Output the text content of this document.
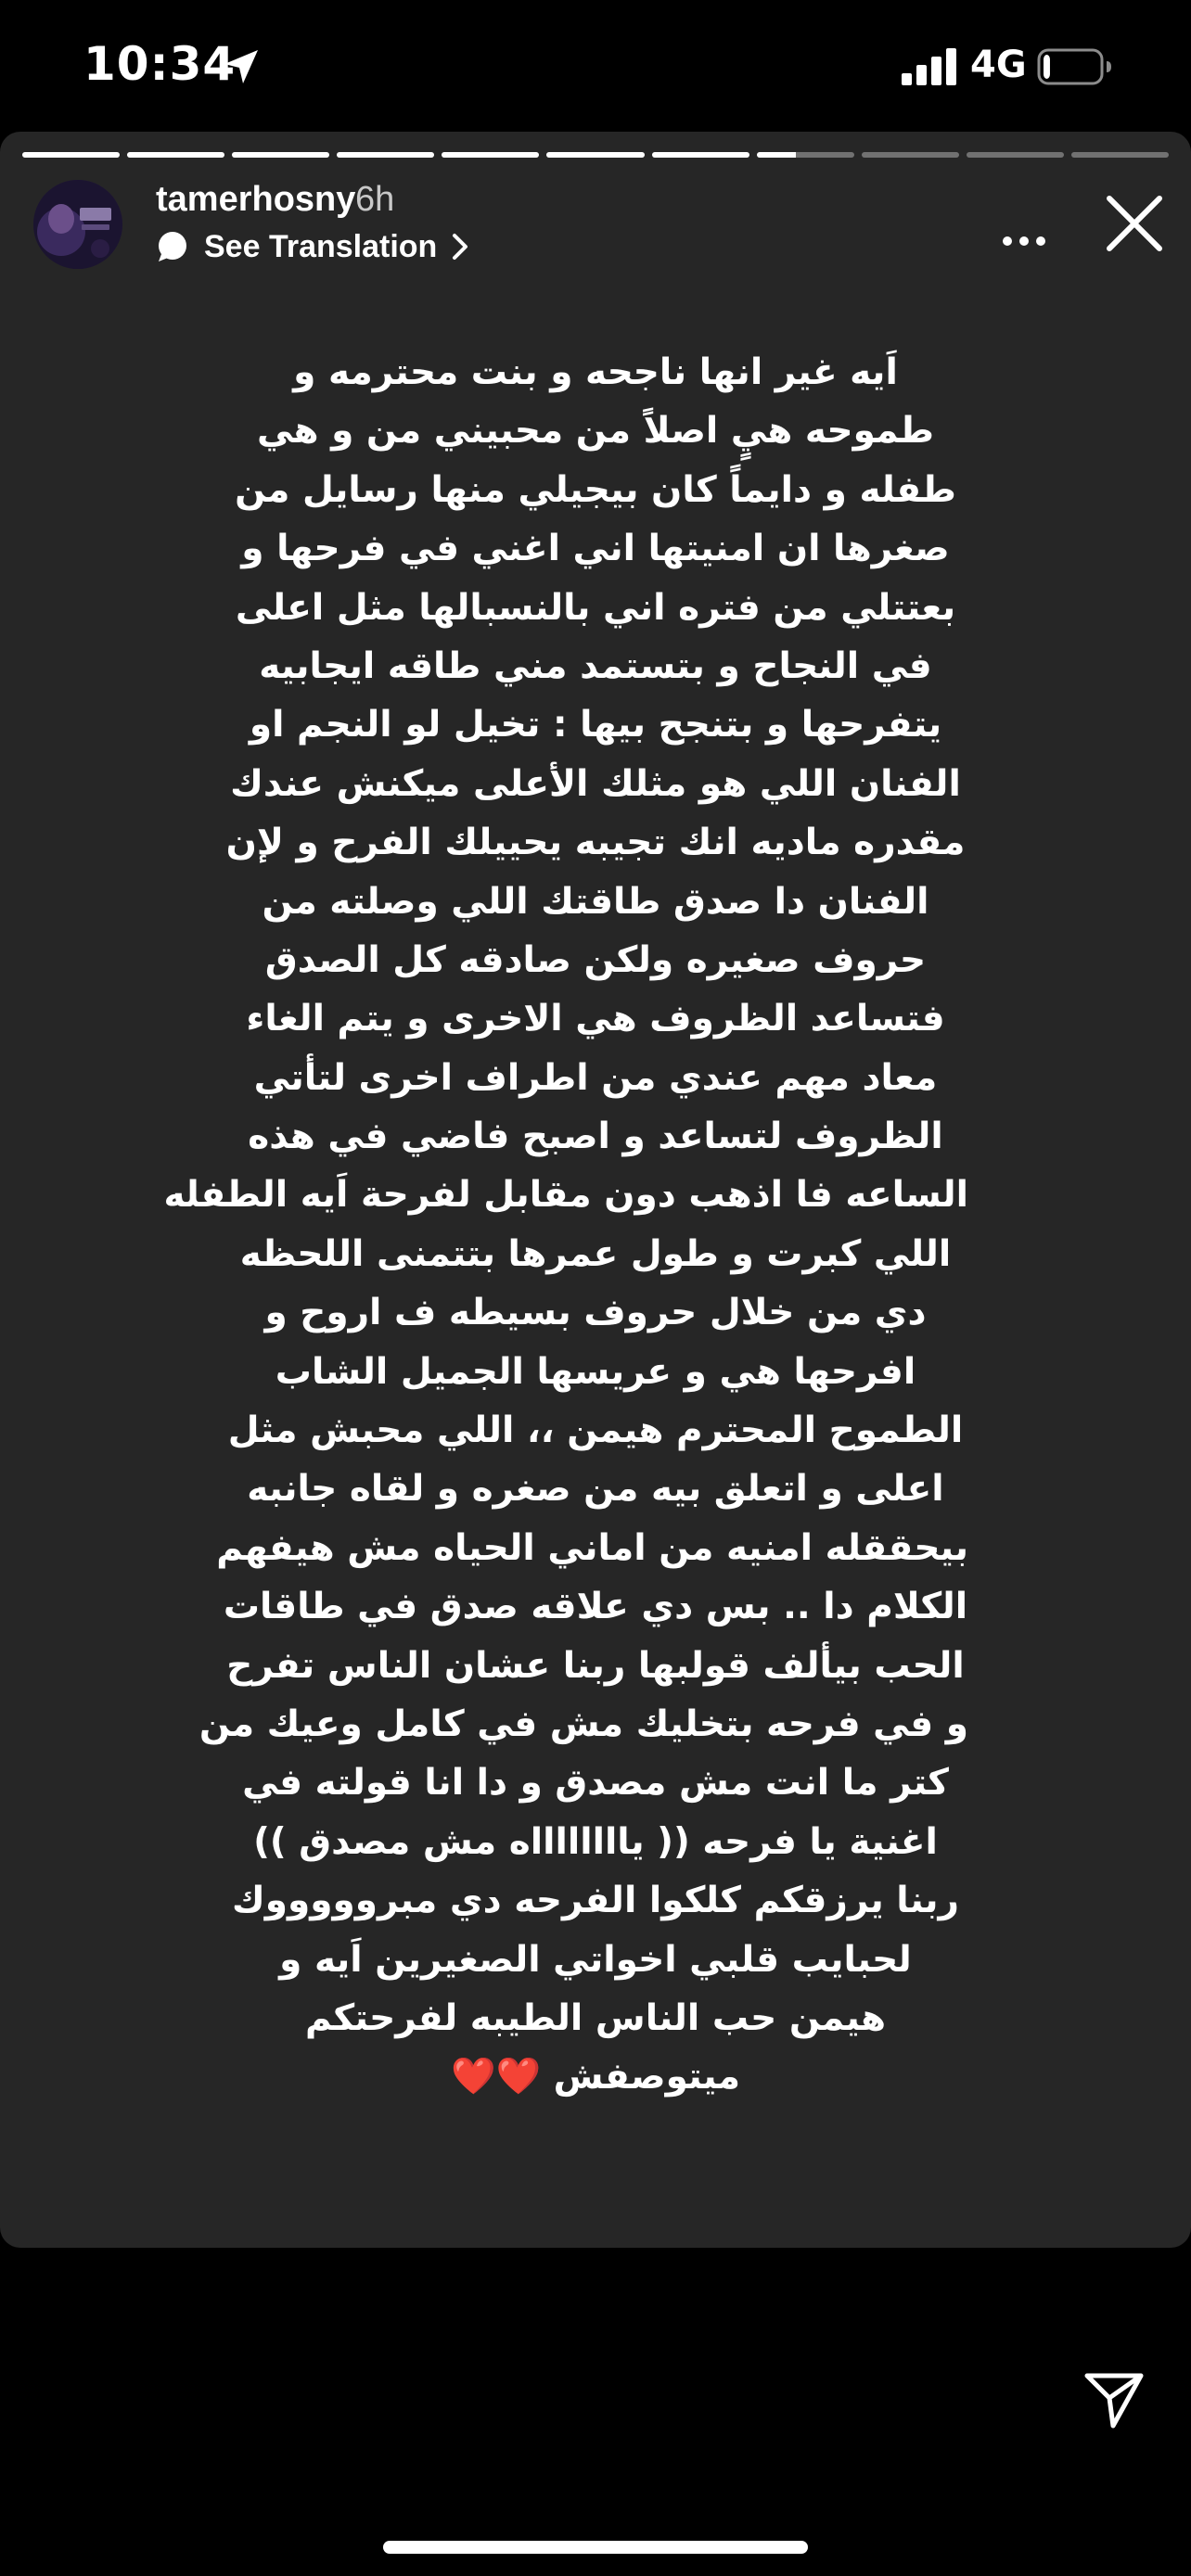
10:34	4G
tamerhosny 6h
See Translation
اَيه غير انها ناجحه و بنت محترمه و
طموحه هيٍ اصلاً من محبيني من و هي
طفله و دايماً كان بيجيلي منها رسايل من
صغرها ان امنيتها اني اغني في فرحها و
بعتتلي من فتره اني بالنسبالها مثل اعلى
في النجاح و بتستمد مني طاقه ايجابيه
يتفرحها و بتنجح بيها : تخيل لو النجم او
الفنان اللي هو مثلك الأعلى ميكنش عندك
مقدره ماديه انك تجيبه يحييلك الفرح و لإن
الفنان دا صدق طاقتك اللي وصلته من
حروف صغيره ولكن صادقه كل الصدق
فتساعد الظروف هي الاخرى و يتم الغاء
معاد مهم عندي من اطراف اخرى لتأتي
الظروف لتساعد و اصبح فاضي في هذه
الساعه فا اذهب دون مقابل لفرحة اَيه الطفله
اللي كبرت و طول عمرها بتتمنى اللحظه
دي من خلال حروف بسيطه ف اروح و
افرحها هي و عريسها الجميل الشاب
الطموح المحترم هيمن ،، اللي محبش مثل
اعلى و اتعلق بيه من صغره و لقاه جانبه
بيحققله امنيه من اماني الحياه مش هيفهم
الكلام دا .. بس دي علاقه صدق في طاقات
الحب بيألف قولبها ربنا عشان الناس تفرح
و في فرحه بتخليك مش في كامل وعيك من
كتر ما انت مش مصدق و دا انا قولته في
اغنية يا فرحه (( يااااااااه مش مصدق ))
ربنا يرزقكم كلكوا الفرحه دي مبروووووك
لحبايب قلبي اخواتي الصغيرين اَيه و
هيمن حب الناس الطيبه لفرحتكم
ميتوصفش ❤️❤️
